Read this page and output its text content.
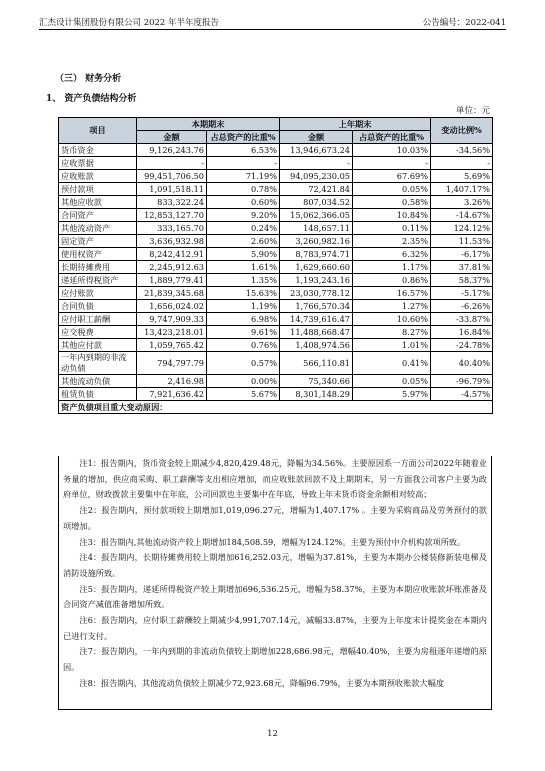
汇杰设计集团股份有限公司 2022 年半年度报告	公告编号：2022-041
（三） 财务分析
1、 资产负债结构分析
单位：元
项目	本期期末		上年期末		变动比例%
	金额	占总资产的比重%	金额	占总资产的比重%	
货币资金	9,126,243.76	6.53%	13,946,673.24	10.03%	-34.56%
应收票据	-	-	-	-	-
应收账款	99,451,706.50	71.19%	94,095,230.05	67.69%	5.69%
预付款项	1,091,518.11	0.78%	72,421.84	0.05%	1,407.17%
其他应收款	833,322.24	0.60%	807,034.52	0.58%	3.26%
合同资产	12,853,127.70	9.20%	15,062,366.05	10.84%	-14.67%
其他流动资产	333,165.70	0.24%	148,657.11	0.11%	124.12%
固定资产	3,636,932.98	2.60%	3,260,982.16	2.35%	11.53%
使用权资产	8,242,412.91	5.90%	8,783,974.71	6.32%	-6.17%
长期待摊费用	2,245,912.63	1.61%	1,629,660.60	1.17%	37.81%
递延所得税资产	1,889,779.41	1.35%	1,193,243.16	0.86%	58.37%
应付账款	21,839,345.68	15.63%	23,030,778.12	16.57%	-5.17%
合同负债	1,656,024.02	1.19%	1,766,570.34	1.27%	-6.26%
应付职工薪酬	9,747,909.33	6.98%	14,739,616.47	10.60%	-33.87%
应交税费	13,423,218.01	9.61%	11,488,668.47	8.27%	16.84%
其他应付款	1,059,765.42	0.76%	1,408,974.56	1.01%	-24.78%
一年内到期的非流动负债	794,797.79	0.57%	566,110.81	0.41%	40.40%
其他流动负债	2,416.98	0.00%	75,340.66	0.05%	-96.79%
租赁负债	7,921,636.42	5.67%	8,301,148.29	5.97%	-4.57%
资产负债项目重大变动原因：					

注1：报告期内，货币资金较上期减少4,820,429.48元，降幅为34.56%。主要原因系一方面公司2022年随着业务量的增加，供应商采购、职工薪酬等支出相应增加，而应收账款回款不及上期期末，另一方面我公司客户主要为政府单位，财政拨款主要集中在年底，公司回款也主要集中在年底，导致上年末货币资金余额相对较高；

注2：报告期内，预付款项较上期增加1,019,096.27元，增幅为1,407.17% 。主要为采购商品及劳务预付的款项增加。

注3：报告期内,其他流动资产较上期增加184,508.59，增幅为124.12%。主要为预付中介机构款项所致。

注4：报告期内，长期待摊费用较上期增加616,252.03元，增幅为37.81%，主要为本期办公楼装修新装电梯及消防设施所致。

注5：报告期内，递延所得税资产较上期增加696,536.25元，增幅为58.37%，主要为本期应收账款坏账准备及合同资产减值准备增加所致。

注6：报告期内，应付职工薪酬较上期减少4,991,707.14元，减幅33.87%，主要为上年度末计提奖金在本期内已进行支付。

注7：报告期内，一年内到期的非流动负债较上期增加228,686.98元，增幅40.40%，主要为房租逐年递增的原因。

注8：报告期内，其他流动负债较上期减少72,923.68元，降幅96.79%，主要为本期预收账款大幅度

12
